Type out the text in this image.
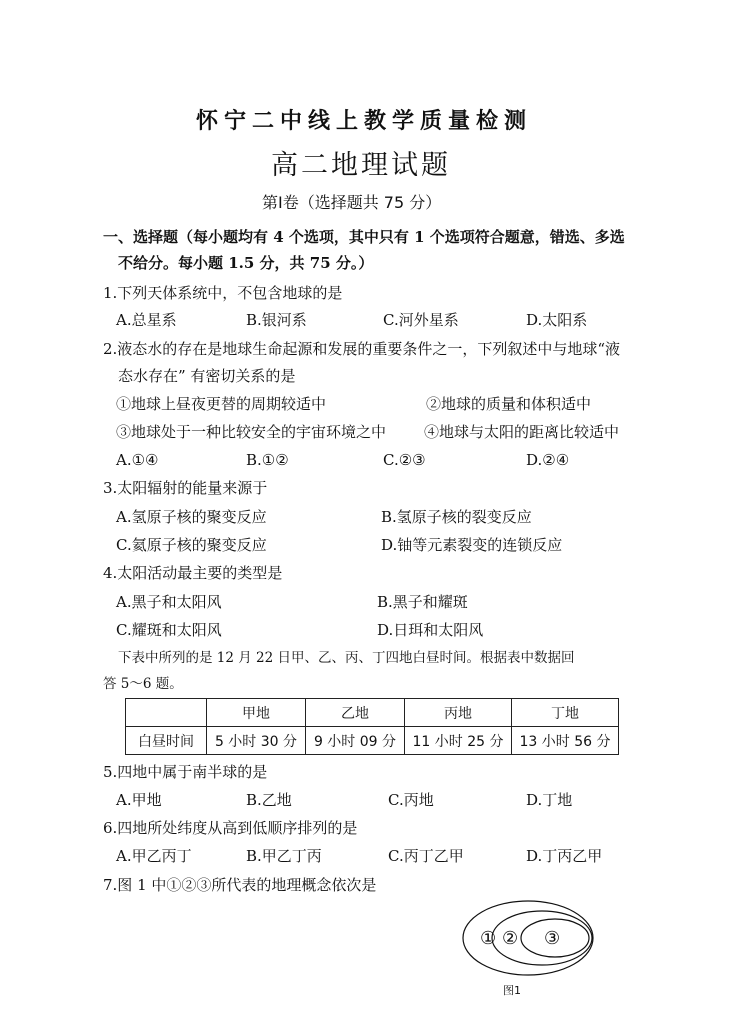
怀宁二中线上教学质量检测
高二地理试题
第Ⅰ卷（选择题共 75 分）
一、选择题（每小题均有 4 个选项，其中只有 1 个选项符合题意，错选、多选
不给分。每小题 1.5 分，共 75 分。）
1.下列天体系统中，不包含地球的是
A.总星系	B.银河系	C.河外星系	D.太阳系
2.液态水的存在是地球生命起源和发展的重要条件之一，下列叙述中与地球“液
态水存在” 有密切关系的是
①地球上昼夜更替的周期较适中	②地球的质量和体积适中
③地球处于一种比较安全的宇宙环境之中	④地球与太阳的距离比较适中
A.①④	B.①②	C.②③	D.②④
3.太阳辐射的能量来源于
A.氢原子核的聚变反应	B.氢原子核的裂变反应
C.氦原子核的聚变反应	D.铀等元素裂变的连锁反应
4.太阳活动最主要的类型是
A.黑子和太阳风	B.黑子和耀斑
C.耀斑和太阳风	D.日珥和太阳风
下表中所列的是 12 月 22 日甲、乙、丙、丁四地白昼时间。根据表中数据回
答 5～6 题。
	甲地	乙地	丙地	丁地
白昼时间	5 小时 30 分	9 小时 09 分	11 小时 25 分	13 小时 56 分
5.四地中属于南半球的是
A.甲地	B.乙地	C.丙地	D.丁地
6.四地所处纬度从高到低顺序排列的是
A.甲乙丙丁	B.甲乙丁丙	C.丙丁乙甲	D.丁丙乙甲
7.图 1 中①②③所代表的地理概念依次是
① ② ③
图1
